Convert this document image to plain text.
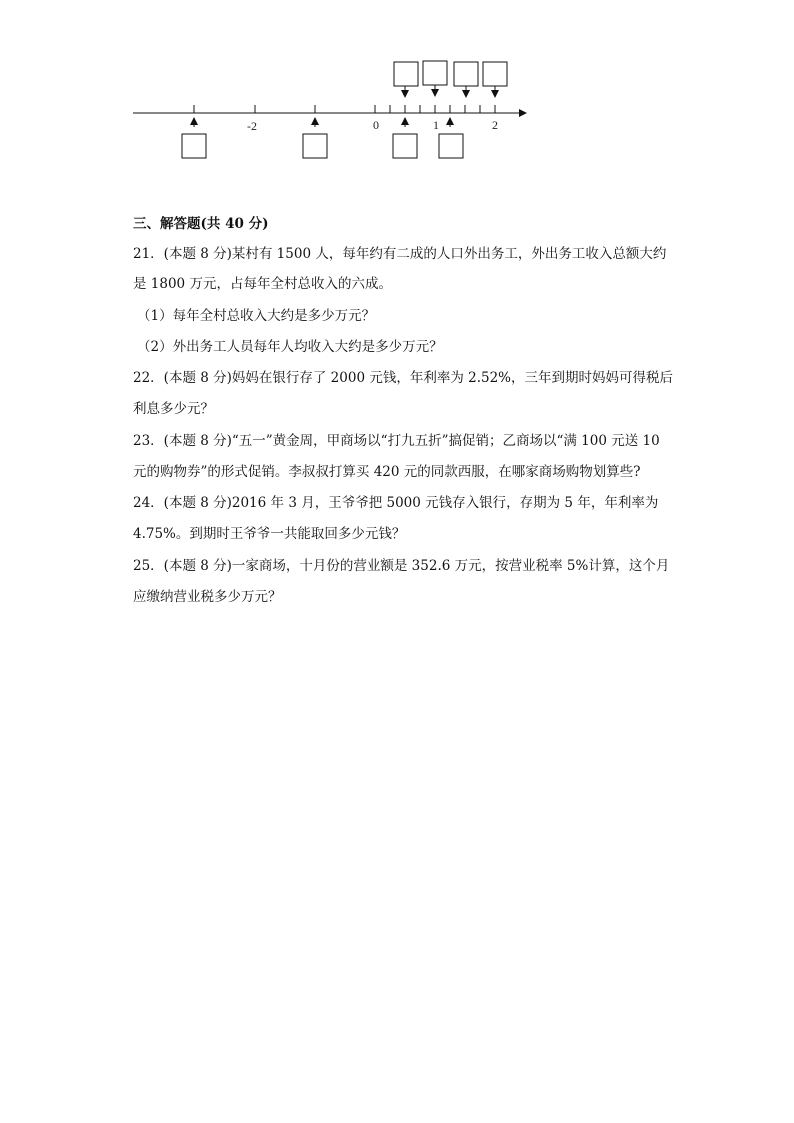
-2	0	1	2
三、解答题(共 40 分)
21．(本题 8 分)某村有 1500 人，每年约有二成的人口外出务工，外出务工收入总额大约
是 1800 万元，占每年全村总收入的六成。
（1）每年全村总收入大约是多少万元？
（2）外出务工人员每年人均收入大约是多少万元？
22．(本题 8 分)妈妈在银行存了 2000 元钱，年利率为 2.52%，三年到期时妈妈可得税后
利息多少元？
23．(本题 8 分)“五一”黄金周，甲商场以“打九五折”搞促销；乙商场以“满 100 元送 10
元的购物券”的形式促销。李叔叔打算买 420 元的同款西服，在哪家商场购物划算些?
24．(本题 8 分)2016 年 3 月，王爷爷把 5000 元钱存入银行，存期为 5 年，年利率为
4.75%。到期时王爷爷一共能取回多少元钱？
25．(本题 8 分)一家商场，十月份的营业额是 352.6 万元，按营业税率 5%计算，这个月
应缴纳营业税多少万元？
